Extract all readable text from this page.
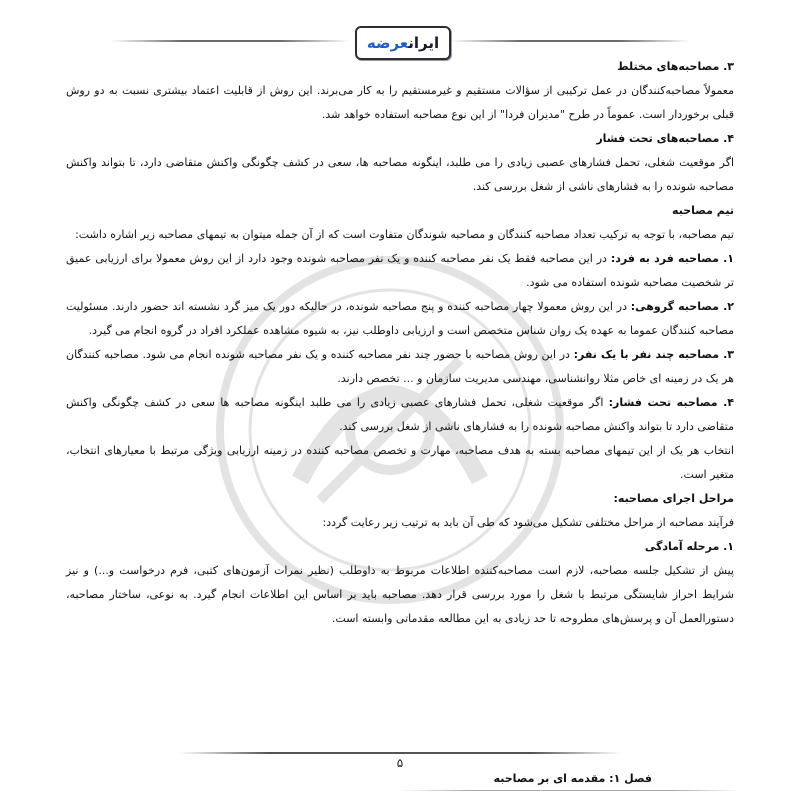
ایرانعرضه

۳. مصاحبه‌های مختلط

معمولاً مصاحبه‌کنندگان در عمل ترکیبی از سؤالات مستقیم و غیرمستقیم را به کار می‌برند. این روش از قابلیت اعتماد بیشتری نسبت به دو روش قبلی برخوردار است. عموماً در طرح "مدیران فردا" از این نوع مصاحبه استفاده خواهد شد.

۴. مصاحبه‌های تحت فشار

اگر موقعیت شغلی، تحمل فشارهای عصبی زیادی را می طلبد، اینگونه مصاحبه ها، سعی در کشف چگونگی واکنش متقاضی دارد، تا بتواند واکنش مصاحبه شونده را به فشارهای ناشی از شغل بررسی کند.

تیم مصاحبه

تیم مصاحبه، با توجه به ترکیب تعداد مصاحبه کنندگان و مصاحبه شوندگان متفاوت است که از آن جمله میتوان به تیمهای مصاحبه زیر اشاره داشت:

۱. مصاحبه فرد به فرد: در این مصاحبه فقط یک نفر مصاحبه کننده و یک نفر مصاحبه شونده وجود دارد از این روش معمولا برای ارزیابی عمیق تر شخصیت مصاحبه شونده استفاده می شود.

۲. مصاحبه گروهی: در این روش معمولا چهار مصاحبه کننده و پنج مصاحبه شونده، در حالیکه دور یک میز گرد نشسته اند حضور دارند. مسئولیت مصاحبه کنندگان عموما به عهده یک روان شناس متخصص است و ارزیابی داوطلب نیز، به شیوه مشاهده عملکرد افراد در گروه انجام می گیرد.

۳. مصاحبه چند نفر با یک نفر: در این روش مصاحبه با حضور چند نفر مصاحبه کننده و یک نفر مصاحبه شونده انجام می شود. مصاحبه کنندگان هر یک در زمینه ای خاص مثلا روانشناسی، مهندسی مدیریت سازمان و ... تخصص دارند.

۴. مصاحبه تحت فشار: اگر موقعیت شغلی، تحمل فشارهای عصبی زیادی را می طلبد اینگونه مصاحبه ها سعی در کشف چگونگی واکنش متقاضی دارد تا بتواند واکنش مصاحبه شونده را به فشارهای ناشی از شغل بررسی کند.

انتخاب هر یک از این تیمهای مصاحبه بسته به هدف مصاحبه، مهارت و تخصص مصاحبه کننده در زمینه ارزیابی ویژگی مرتبط با معیارهای انتخاب، متغیر است.

مراحل اجرای مصاحبه:

فرآیند مصاحبه از مراحل مختلفی تشکیل می‌شود که طی آن باید به ترتیب زیر رعایت گردد:

۱. مرحله آمادگی

پیش از تشکیل جلسه مصاحبه، لازم است مصاحبه‌کننده اطلاعات مربوط به داوطلب (نظیر نمرات آزمون‌های کتبی، فرم درخواست و...) و نیز شرایط احراز شایستگی مرتبط با شغل را مورد بررسی قرار دهد. مصاحبه باید بر اساس این اطلاعات انجام گیرد. به نوعی، ساختار مصاحبه، دستورالعمل آن و پرسش‌های مطروحه تا حد زیادی به این مطالعه مقدماتی وابسته است.

۵
فصل ۱: مقدمه ای بر مصاحبه
